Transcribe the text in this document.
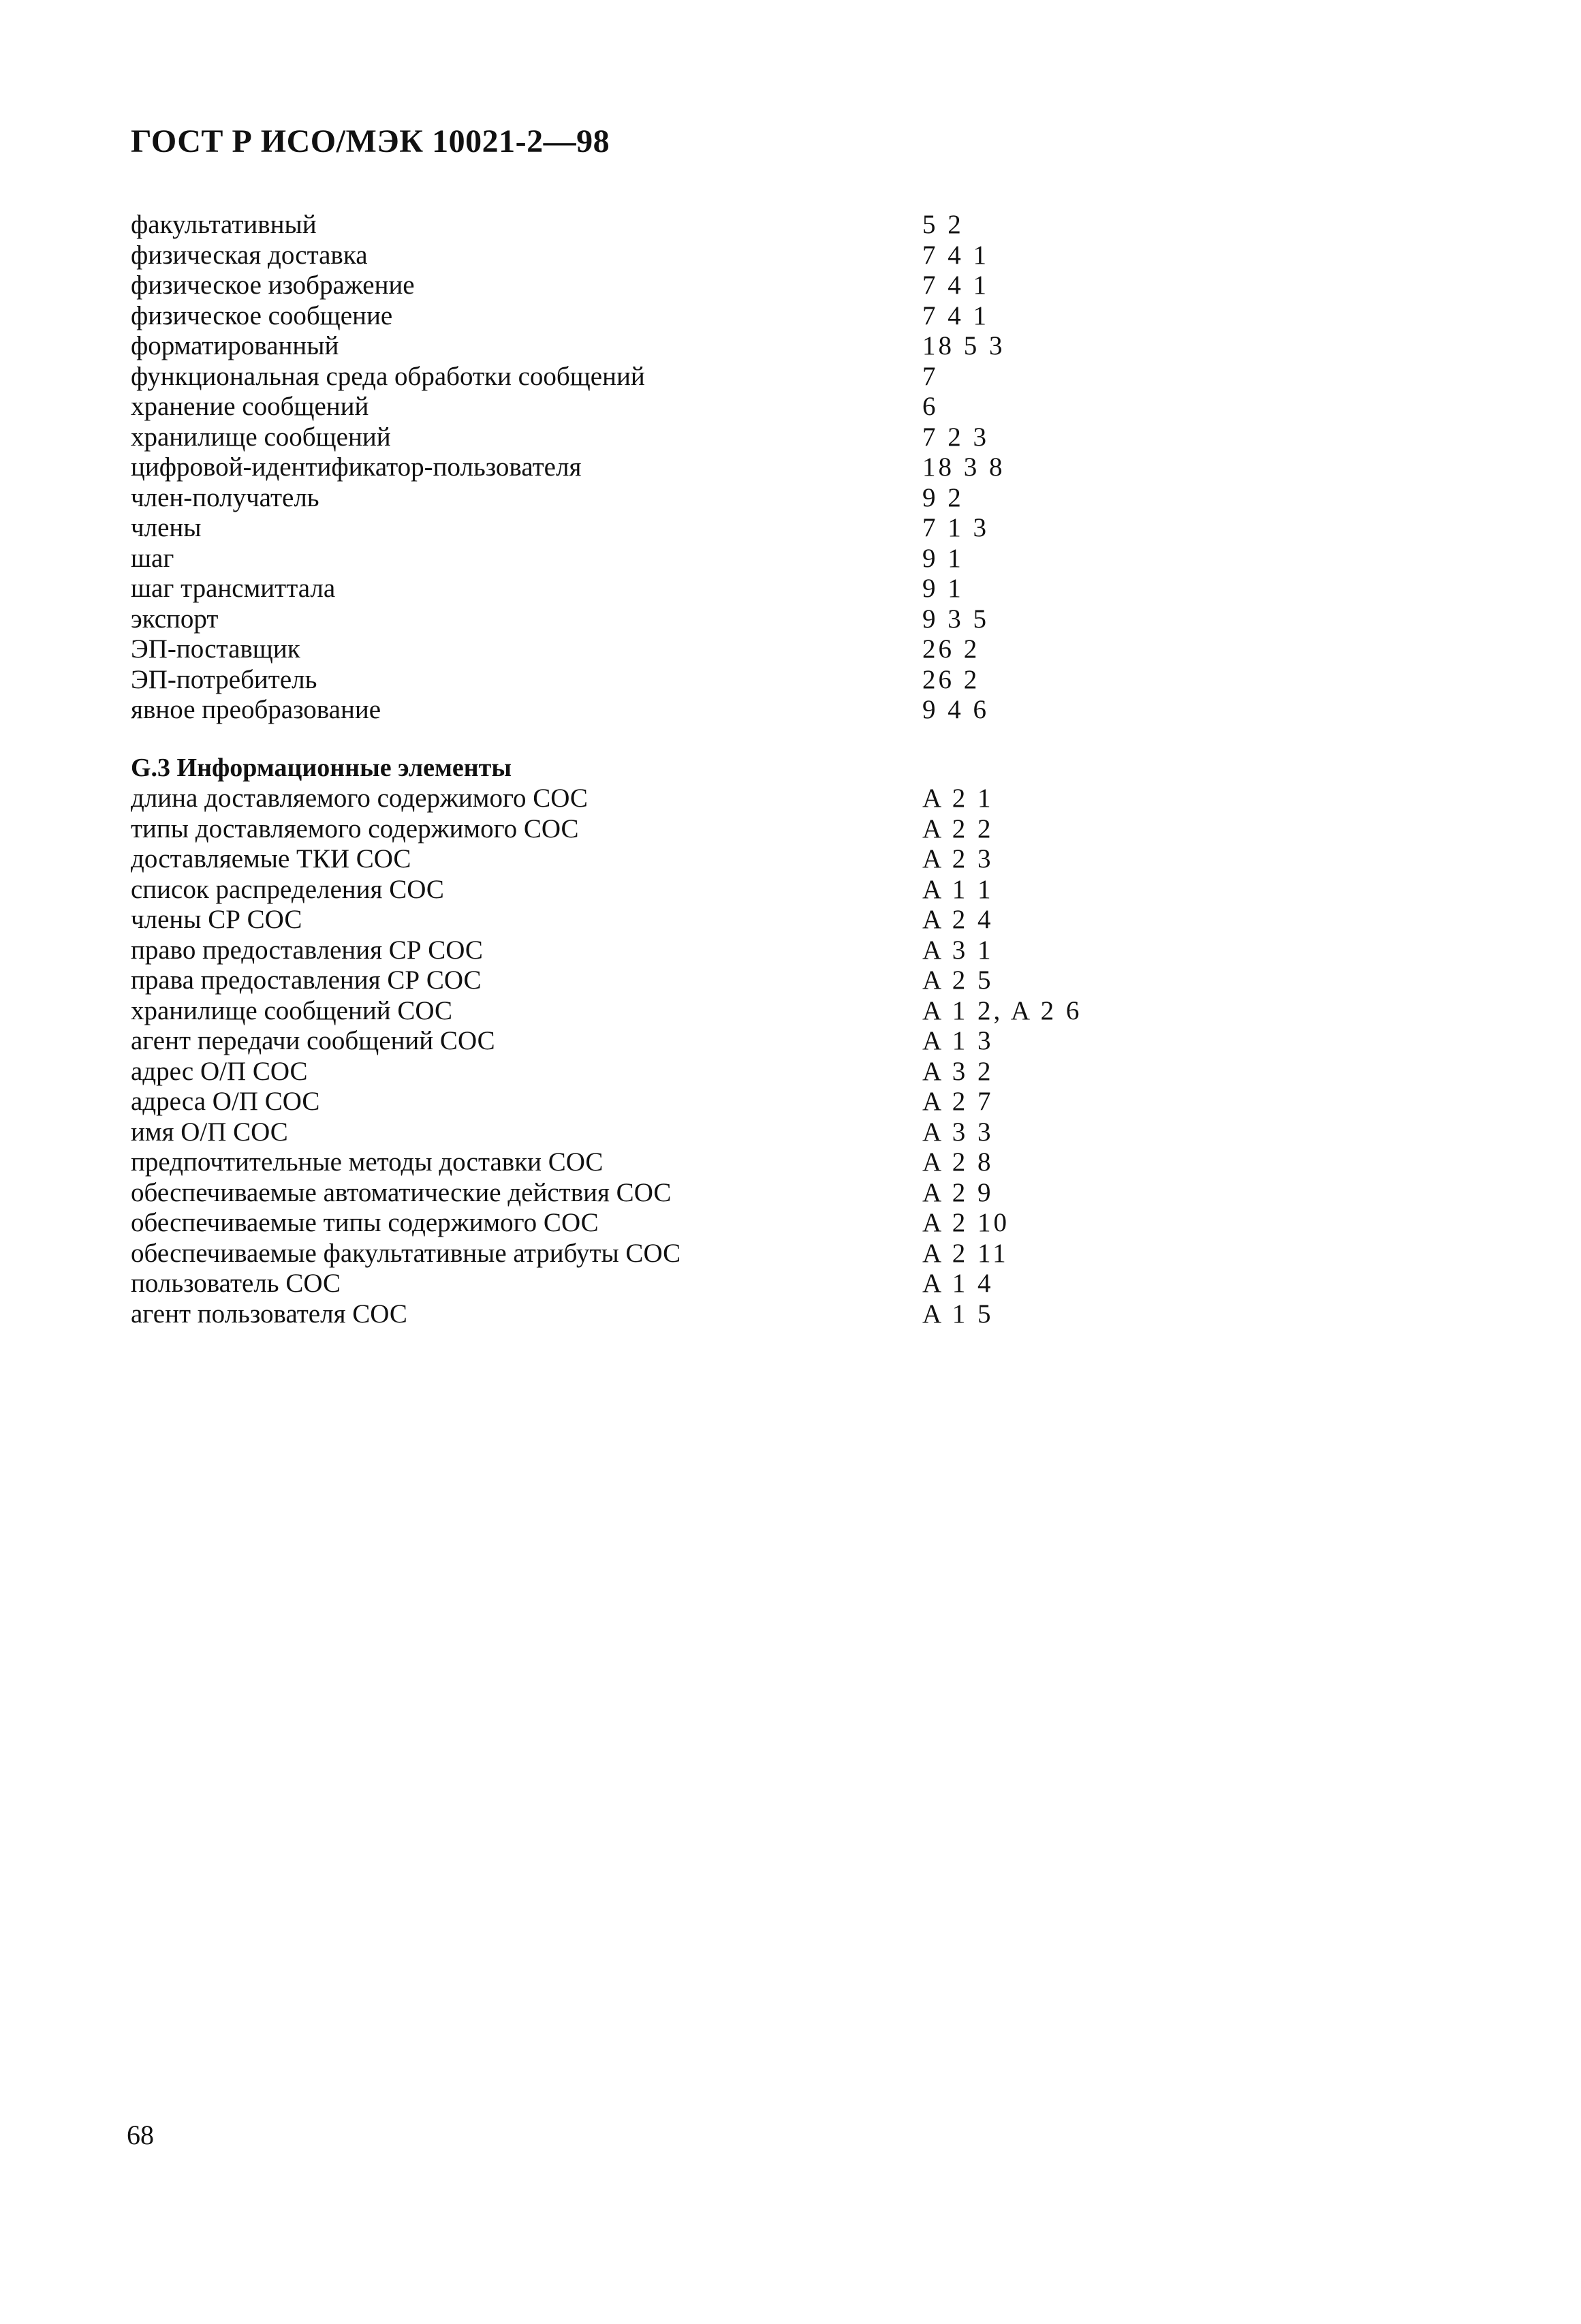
ГОСТ Р ИСО/МЭК 10021-2—98
факультативный	5 2
физическая доставка	7 4 1
физическое изображение	7 4 1
физическое сообщение	7 4 1
форматированный	18 5 3
функциональная среда обработки сообщений	7
хранение сообщений	6
хранилище сообщений	7 2 3
цифровой-идентификатор-пользователя	18 3 8
член-получатель	9 2
члены	7 1 3
шаг	9 1
шаг трансмиттала	9 1
экспорт	9 3 5
ЭП-поставщик	26 2
ЭП-потребитель	26 2
явное преобразование	9 4 6
G.3 Информационные элементы
длина доставляемого содержимого СОС	A 2 1
типы доставляемого содержимого СОС	A 2 2
доставляемые ТКИ СОС	A 2 3
список распределения СОС	A 1 1
члены СР СОС	A 2 4
право предоставления СР СОС	A 3 1
права предоставления СР СОС	A 2 5
хранилище сообщений СОС	A 1 2, A 2 6
агент передачи сообщений СОС	A 1 3
адрес О/П СОС	A 3 2
адреса О/П СОС	A 2 7
имя О/П СОС	A 3 3
предпочтительные методы доставки СОС	A 2 8
обеспечиваемые автоматические действия СОС	A 2 9
обеспечиваемые типы содержимого СОС	A 2 10
обеспечиваемые факультативные атрибуты СОС	A 2 11
пользователь СОС	A 1 4
агент пользователя СОС	A 1 5
68
